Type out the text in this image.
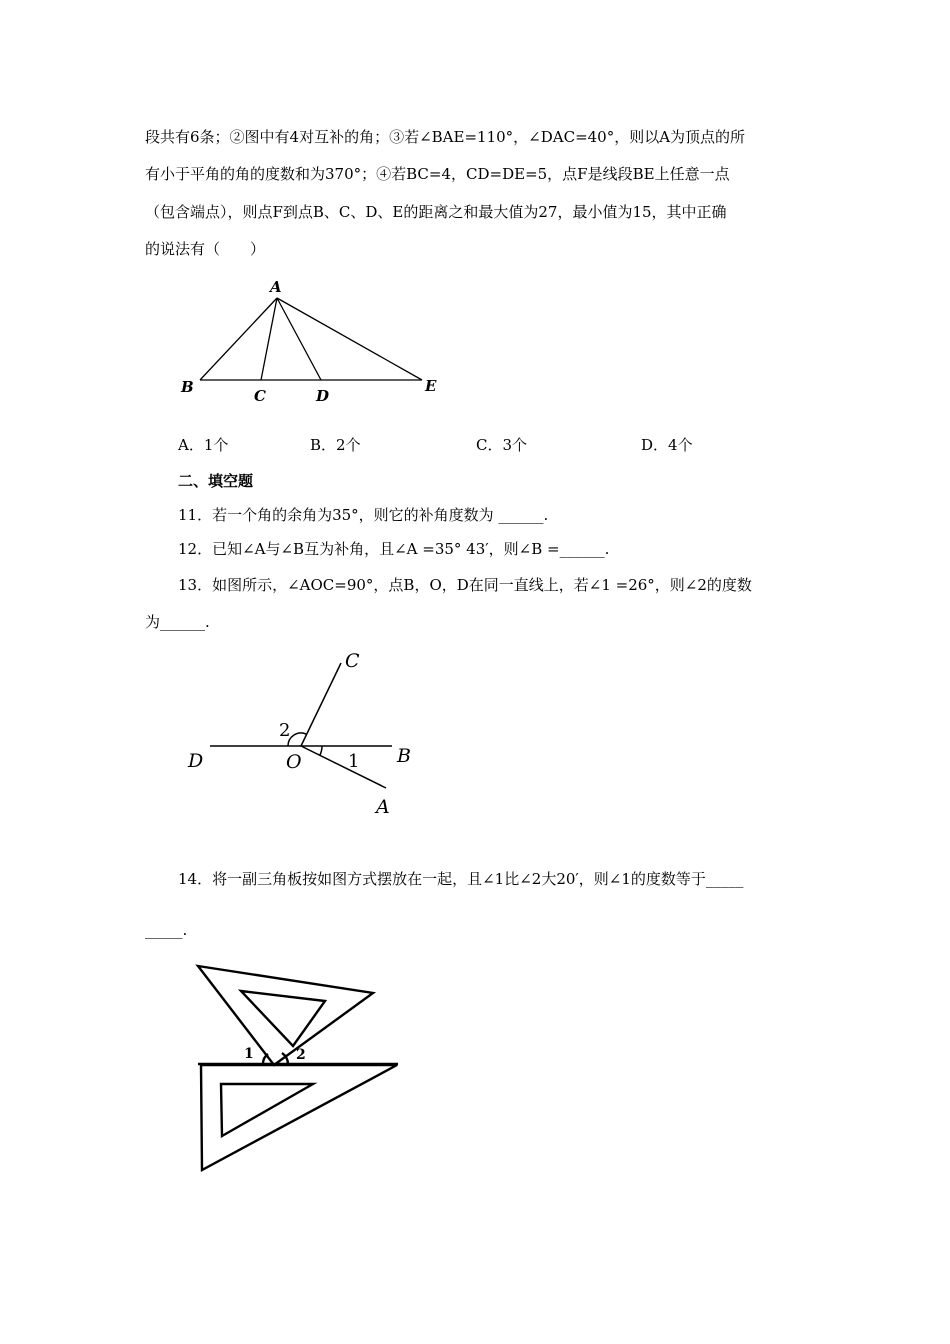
段共有6条；②图中有4对互补的角；③若∠BAE=110°，∠DAC=40°，则以A为顶点的所
有小于平角的角的度数和为370°；④若BC=4，CD=DE=5，点F是线段BE上任意一点
（包含端点），则点F到点B、C、D、E的距离之和最大值为27，最小值为15，其中正确
的说法有（　　）
A
B	C	D
E
A．1个	B．2个	C．3个	D．4个
二、填空题
11．若一个角的余角为35°，则它的补角度数为 ______.
12．已知∠A与∠B互为补角，且∠A =35° 43′，则∠B =______.
13．如图所示，∠AOC=90°，点B，O，D在同一直线上，若∠1 =26°，则∠2的度数
为______.
C
D	O	B
A
1
2
14．将一副三角板按如图方式摆放在一起，且∠1比∠2大20′，则∠1的度数等于_____
_____.
1	2
